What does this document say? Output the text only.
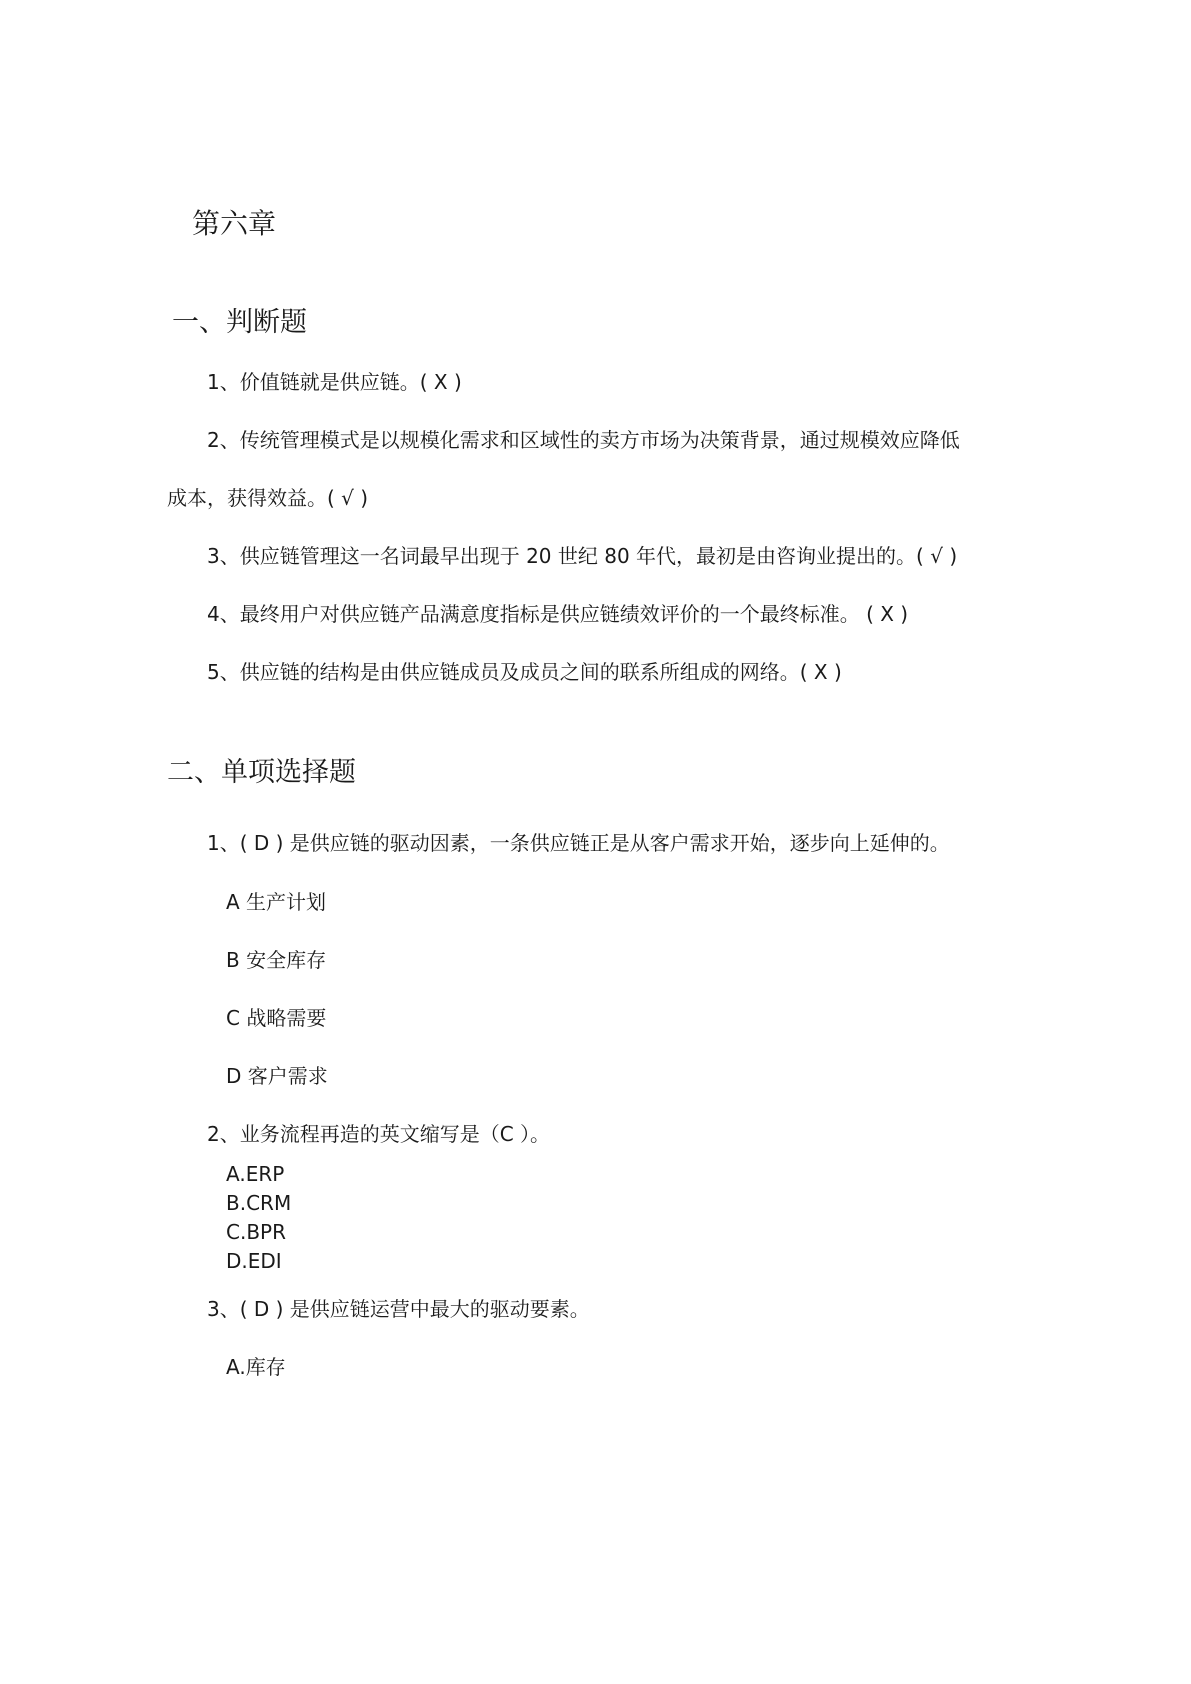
第六章
一、判断题
1、价值链就是供应链。( X )
2、传统管理模式是以规模化需求和区域性的卖方市场为决策背景，通过规模效应降低
成本，获得效益。( √ )
3、供应链管理这一名词最早出现于 20 世纪 80 年代，最初是由咨询业提出的。( √ )
4、最终用户对供应链产品满意度指标是供应链绩效评价的一个最终标准。 ( X )
5、供应链的结构是由供应链成员及成员之间的联系所组成的网络。( X )
二、单项选择题
1、( D ) 是供应链的驱动因素，一条供应链正是从客户需求开始，逐步向上延伸的。
A 生产计划
B 安全库存
C 战略需要
D 客户需求
2、业务流程再造的英文缩写是（C ）。
A.ERP
B.CRM
C.BPR
D.EDI
3、( D ) 是供应链运营中最大的驱动要素。
A.库存
